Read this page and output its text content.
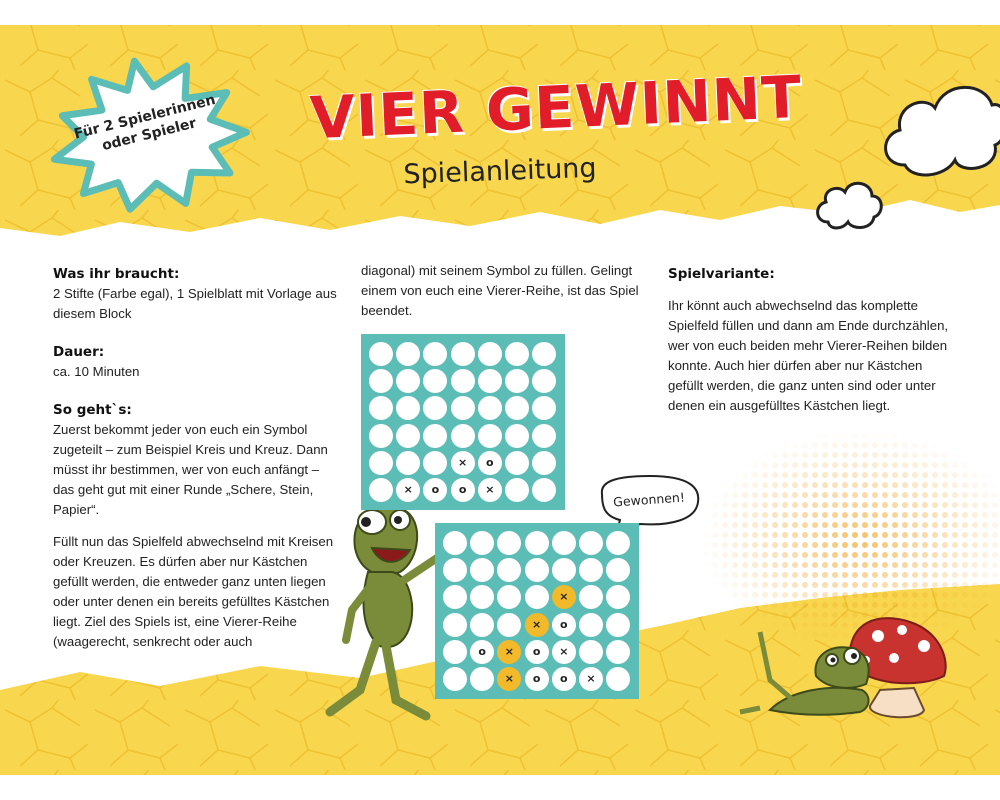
Für 2 Spielerinnen oder Spieler	VIER GEWINNT
Spielanleitung

Was ihr braucht:

2 Stifte (Farbe egal), 1 Spielblatt mit Vorlage aus diesem Block

Dauer:

ca. 10 Minuten

So geht`s:

Zuerst bekommt jeder von euch ein Symbol zugeteilt – zum Beispiel Kreis und Kreuz. Dann müsst ihr bestimmen, wer von euch anfängt – das geht gut mit einer Runde „Schere, Stein, Papier“.

Füllt nun das Spielfeld abwechselnd mit Kreisen oder Kreuzen. Es dürfen aber nur Kästchen gefüllt werden, die entweder ganz unten liegen oder unter denen ein bereits gefülltes Kästchen liegt. Ziel des Spiels ist, eine Vierer-Reihe (waagerecht, senkrecht oder auch

diagonal) mit seinem Symbol zu füllen. Gelingt einem von euch eine Vierer-Reihe, ist das Spiel beendet.

Spielvariante:

Ihr könnt auch abwechselnd das komplette Spielfeld füllen und dann am Ende durchzählen, wer von euch beiden mehr Vierer-Reihen bilden konnte. Auch hier dürfen aber nur Kästchen gefüllt werden, die ganz unten sind oder unter denen ein ausgefülltes Kästchen liegt.

×	o
×	o	o	×
×
×	o
o	×	o	×
×	o	o	×
Gewonnen!
